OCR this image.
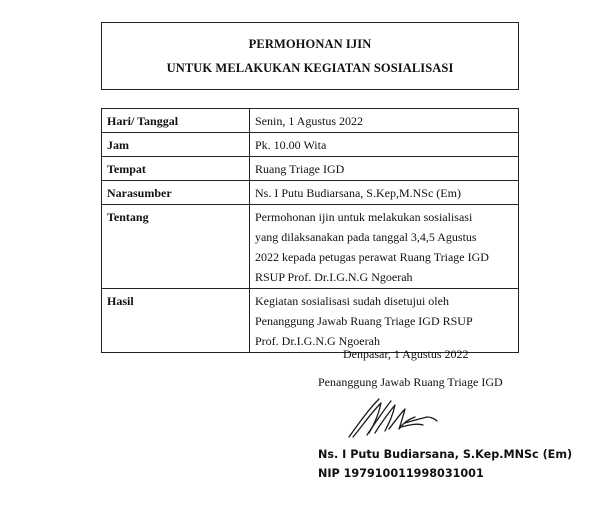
PERMOHONAN IJIN
UNTUK MELAKUKAN KEGIATAN SOSIALISASI
Hari/ Tanggal	Senin, 1 Agustus 2022

Jam	Pk. 10.00 Wita

Tempat	Ruang Triage IGD

Narasumber	Ns. I Putu Budiarsana, S.Kep,M.NSc (Em)

Tentang	Permohonan ijin untuk melakukan sosialisasi
yang dilaksanakan pada tanggal 3,4,5 Agustus
2022 kepada petugas perawat Ruang Triage IGD
RSUP Prof. Dr.I.G.N.G Ngoerah

Hasil	Kegiatan sosialisasi sudah disetujui oleh
Penanggung Jawab Ruang Triage IGD RSUP
Prof. Dr.I.G.N.G Ngoerah
Denpasar, 1 Agustus 2022
Penanggung Jawab Ruang Triage IGD
Ns. I Putu Budiarsana, S.Kep.MNSc (Em)
NIP 197910011998031001
